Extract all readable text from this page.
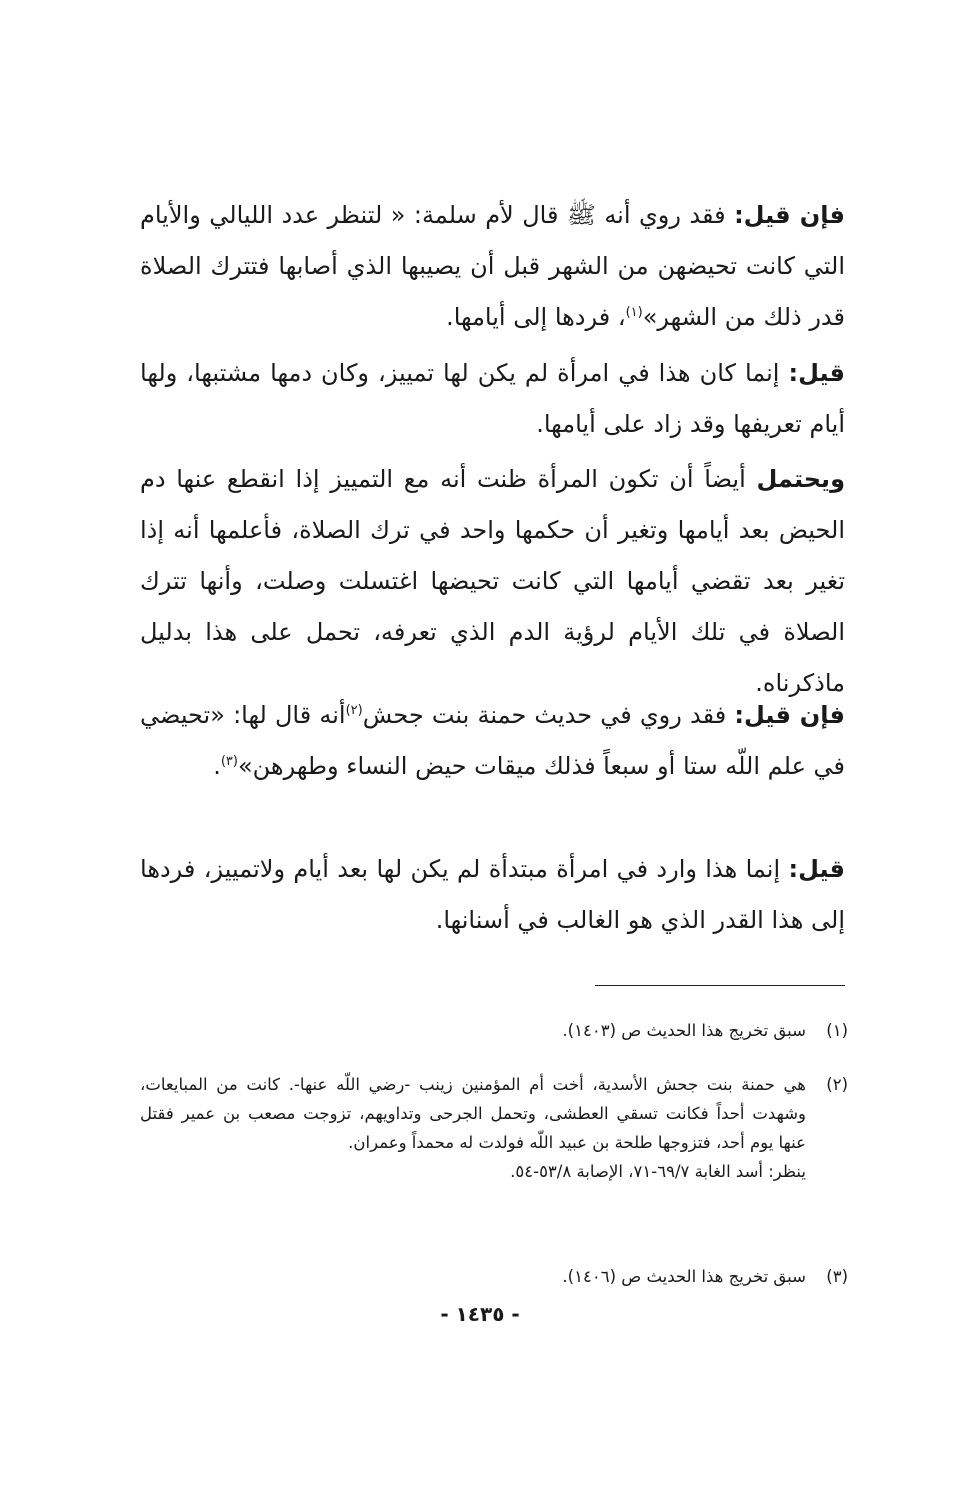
فإن قيل: فقد روي أنه ﷺ قال لأم سلمة: « لتنظر عدد الليالي والأيام التي كانت تحيضهن من الشهر قبل أن يصيبها الذي أصابها فتترك الصلاة قدر ذلك من الشهر»$^{(١)}$، فردها إلى أيامها.

قيل: إنما كان هذا في امرأة لم يكن لها تمييز، وكان دمها مشتبها، ولها أيام تعريفها وقد زاد على أيامها.

ويحتمل أيضاً أن تكون المرأة ظنت أنه مع التمييز إذا انقطع عنها دم الحيض بعد أيامها وتغير أن حكمها واحد في ترك الصلاة، فأعلمها أنه إذا تغير بعد تقضي أيامها التي كانت تحيضها اغتسلت وصلت، وأنها تترك الصلاة في تلك الأيام لرؤية الدم الذي تعرفه، تحمل على هذا بدليل ماذكرناه.

فإن قيل: فقد روي في حديث حمنة بنت جحش$^{(٢)}$أنه قال لها: «تحيضي في علم اللّه ستا أو سبعاً فذلك ميقات حيض النساء وطهرهن»$^{(٣)}$.

قيل: إنما هذا وارد في امرأة مبتدأة لم يكن لها بعد أيام ولاتمييز، فردها إلى هذا القدر الذي هو الغالب في أسنانها.

(١)

سبق تخريج هذا الحديث ص (١٤٠٣).

(٢)

هي حمنة بنت جحش الأسدية، أخت أم المؤمنين زينب -رضي اللّه عنها-. كانت من المبايعات، وشهدت أحداً فكانت تسقي العطشى، وتحمل الجرحى وتداويهم، تزوجت مصعب بن عمير فقتل عنها يوم أحد، فتزوجها طلحة بن عبيد اللّه فولدت له محمداً وعمران.

ينظر: أسد الغابة ٦٩/٧-٧١، الإصابة ٥٣/٨-٥٤.

(٣)

سبق تخريج هذا الحديث ص (١٤٠٦).

- ١٤٣٥ -
